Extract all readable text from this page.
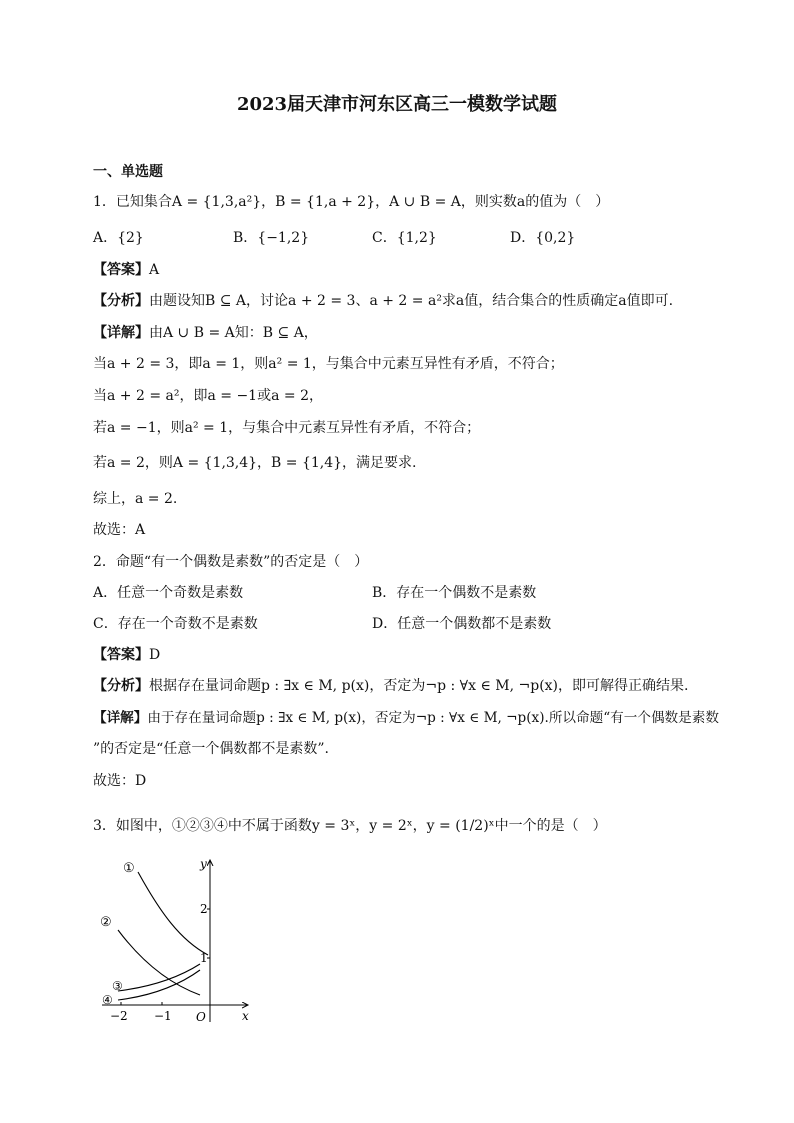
2023届天津市河东区高三一模数学试题
一、单选题
1．已知集合A = {1,3,a²}，B = {1,a + 2}，A ∪ B = A，则实数a的值为（　）
A．{2}	B．{−1,2}	C．{1,2}	D．{0,2}
【答案】A
【分析】由题设知B ⊆ A，讨论a + 2 = 3、a + 2 = a²求a值，结合集合的性质确定a值即可.
【详解】由A ∪ B = A知：B ⊆ A，
当a + 2 = 3，即a = 1，则a² = 1，与集合中元素互异性有矛盾，不符合；
当a + 2 = a²，即a = −1或a = 2，
若a = −1，则a² = 1，与集合中元素互异性有矛盾，不符合；
若a = 2，则A = {1,3,4}，B = {1,4}，满足要求.
综上，a = 2.
故选：A
2．命题“有一个偶数是素数”的否定是（　）
A．任意一个奇数是素数	B．存在一个偶数不是素数
C．存在一个奇数不是素数	D．任意一个偶数都不是素数
【答案】D
【分析】根据存在量词命题p : ∃x ∈ M, p(x)，否定为¬p : ∀x ∈ M, ¬p(x)，即可解得正确结果.
【详解】由于存在量词命题p : ∃x ∈ M, p(x)，否定为¬p : ∀x ∈ M, ¬p(x).所以命题“有一个偶数是素数
”的否定是“任意一个偶数都不是素数”.
故选：D
3．如图中，①②③④中不属于函数y = 3ˣ，y = 2ˣ，y = (1/2)ˣ中一个的是（　）
①
②
③
④
y
x
O
−2 −1
1
2
